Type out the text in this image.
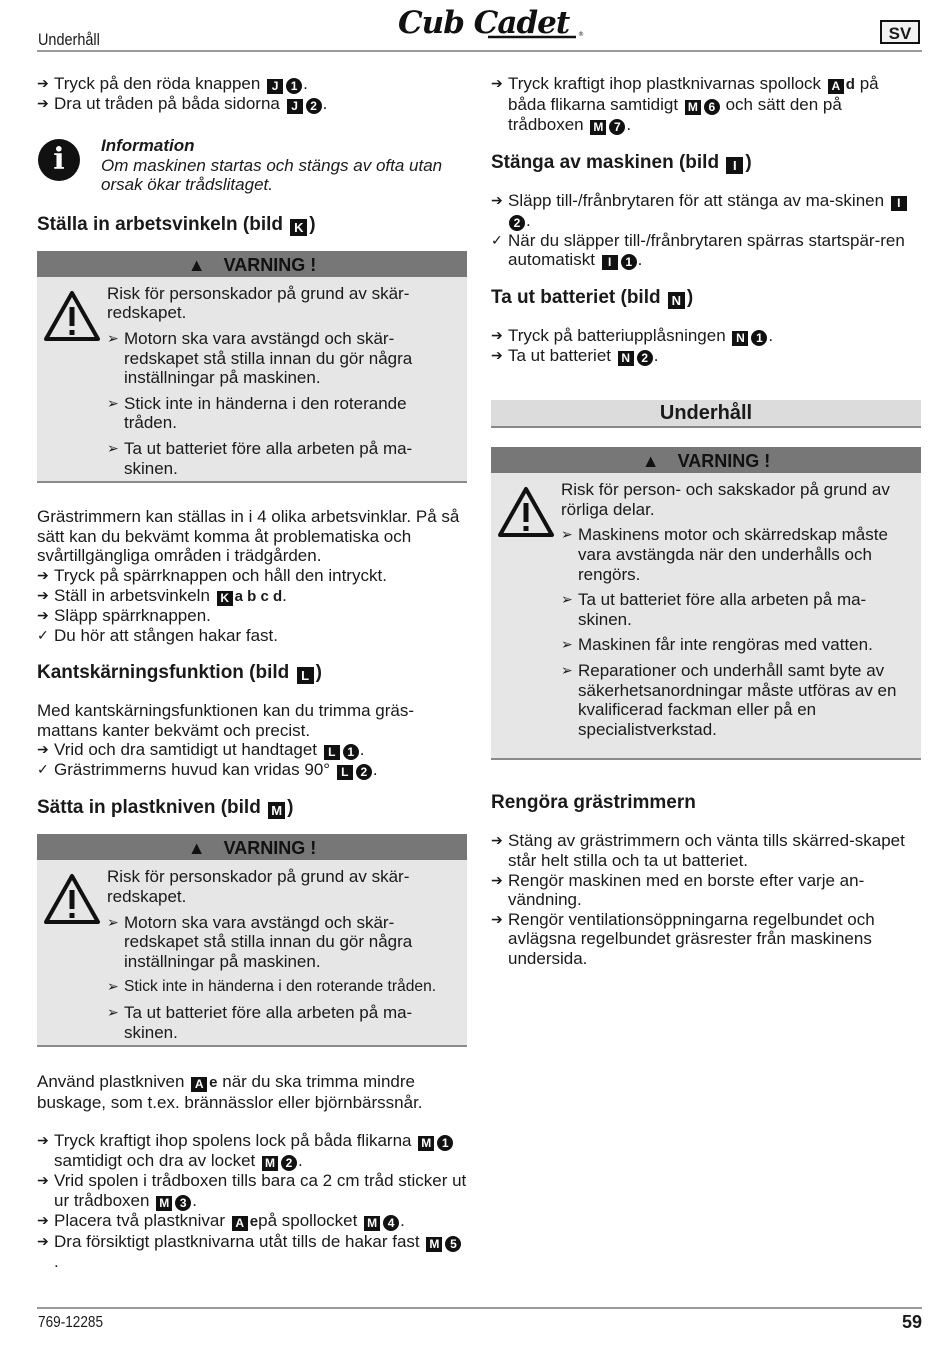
Underhåll	Cub Cadet ®	SV
➔
Tryck på den röda knappen J 1 .
➔
Dra ut tråden på båda sidorna J 2 .
i	Information
Om maskinen startas och stängs av ofta utan orsak ökar trådslitaget.
Ställa in arbetsvinkeln (bild K )
▲ VARNING !

Risk för personskador på grund av skär-redskapet.

➢
Motorn ska vara avstängd och skär-redskapet stå stilla innan du gör några inställningar på maskinen.
➢
Stick inte in händerna i den roterande tråden.
➢
Ta ut batteriet före alla arbeten på ma-skinen.

Grästrimmern kan ställas in i 4 olika arbetsvinklar. På så sätt kan du bekvämt komma åt problematiska och svårtillgängliga områden i trädgården.

➔
Tryck på spärrknappen och håll den intryckt.
➔
Ställ in arbetsvinkeln K a b c d.
➔
Släpp spärrknappen.
✓
Du hör att stången hakar fast.
Kantskärningsfunktion (bild L )

Med kantskärningsfunktionen kan du trimma gräs-mattans kanter bekvämt och precist.

➔
Vrid och dra samtidigt ut handtaget L 1 .
✓
Grästrimmerns huvud kan vridas 90° L 2 .
Sätta in plastkniven (bild M )
▲ VARNING !

Risk för personskador på grund av skär-redskapet.

➢
Motorn ska vara avstängd och skär-redskapet stå stilla innan du gör några inställningar på maskinen.
➢
Stick inte in händerna i den roterande tråden.
➢
Ta ut batteriet före alla arbeten på ma-skinen.

Använd plastkniven A e när du ska trimma mindre buskage, som t.ex. brännässlor eller björnbärssnår.

➔
Tryck kraftigt ihop spolens lock på båda flikarna M 1 samtidigt och dra av locket M 2 .
➔
Vrid spolen i trådboxen tills bara ca 2 cm tråd sticker ut ur trådboxen M 3 .
➔
Placera två plastknivar A epå spollocket M 4 .
➔
Dra försiktigt plastknivarna utåt tills de hakar fast M 5.
➔
Tryck kraftigt ihop plastknivarnas spollock A d på båda flikarna samtidigt M 6 och sätt den på trådboxen M 7 .
Stänga av maskinen (bild I )
➔
Släpp till-/frånbrytaren för att stänga av ma-skinen I2 .
✓
När du släpper till-/frånbrytaren spärras startspär-ren automatiskt I 1 .
Ta ut batteriet (bild N )
➔
Tryck på batteriupplåsningen N 1 .
➔
Ta ut batteriet N 2 .
Underhåll
▲ VARNING !

Risk för person- och sakskador på grund av rörliga delar.

➢
Maskinens motor och skärredskap måste vara avstängda när den underhålls och rengörs.
➢
Ta ut batteriet före alla arbeten på ma-skinen.
➢
Maskinen får inte rengöras med vatten.
➢
Reparationer och underhåll samt byte av säkerhetsanordningar måste utföras av en kvalificerad fackman eller på en specialistverkstad.
Rengöra grästrimmern
➔
Stäng av grästrimmern och vänta tills skärred-skapet står helt stilla och ta ut batteriet.
➔
Rengör maskinen med en borste efter varje an-vändning.
➔
Rengör ventilationsöppningarna regelbundet och avlägsna regelbundet gräsrester från maskinens undersida.
769-12285	59
